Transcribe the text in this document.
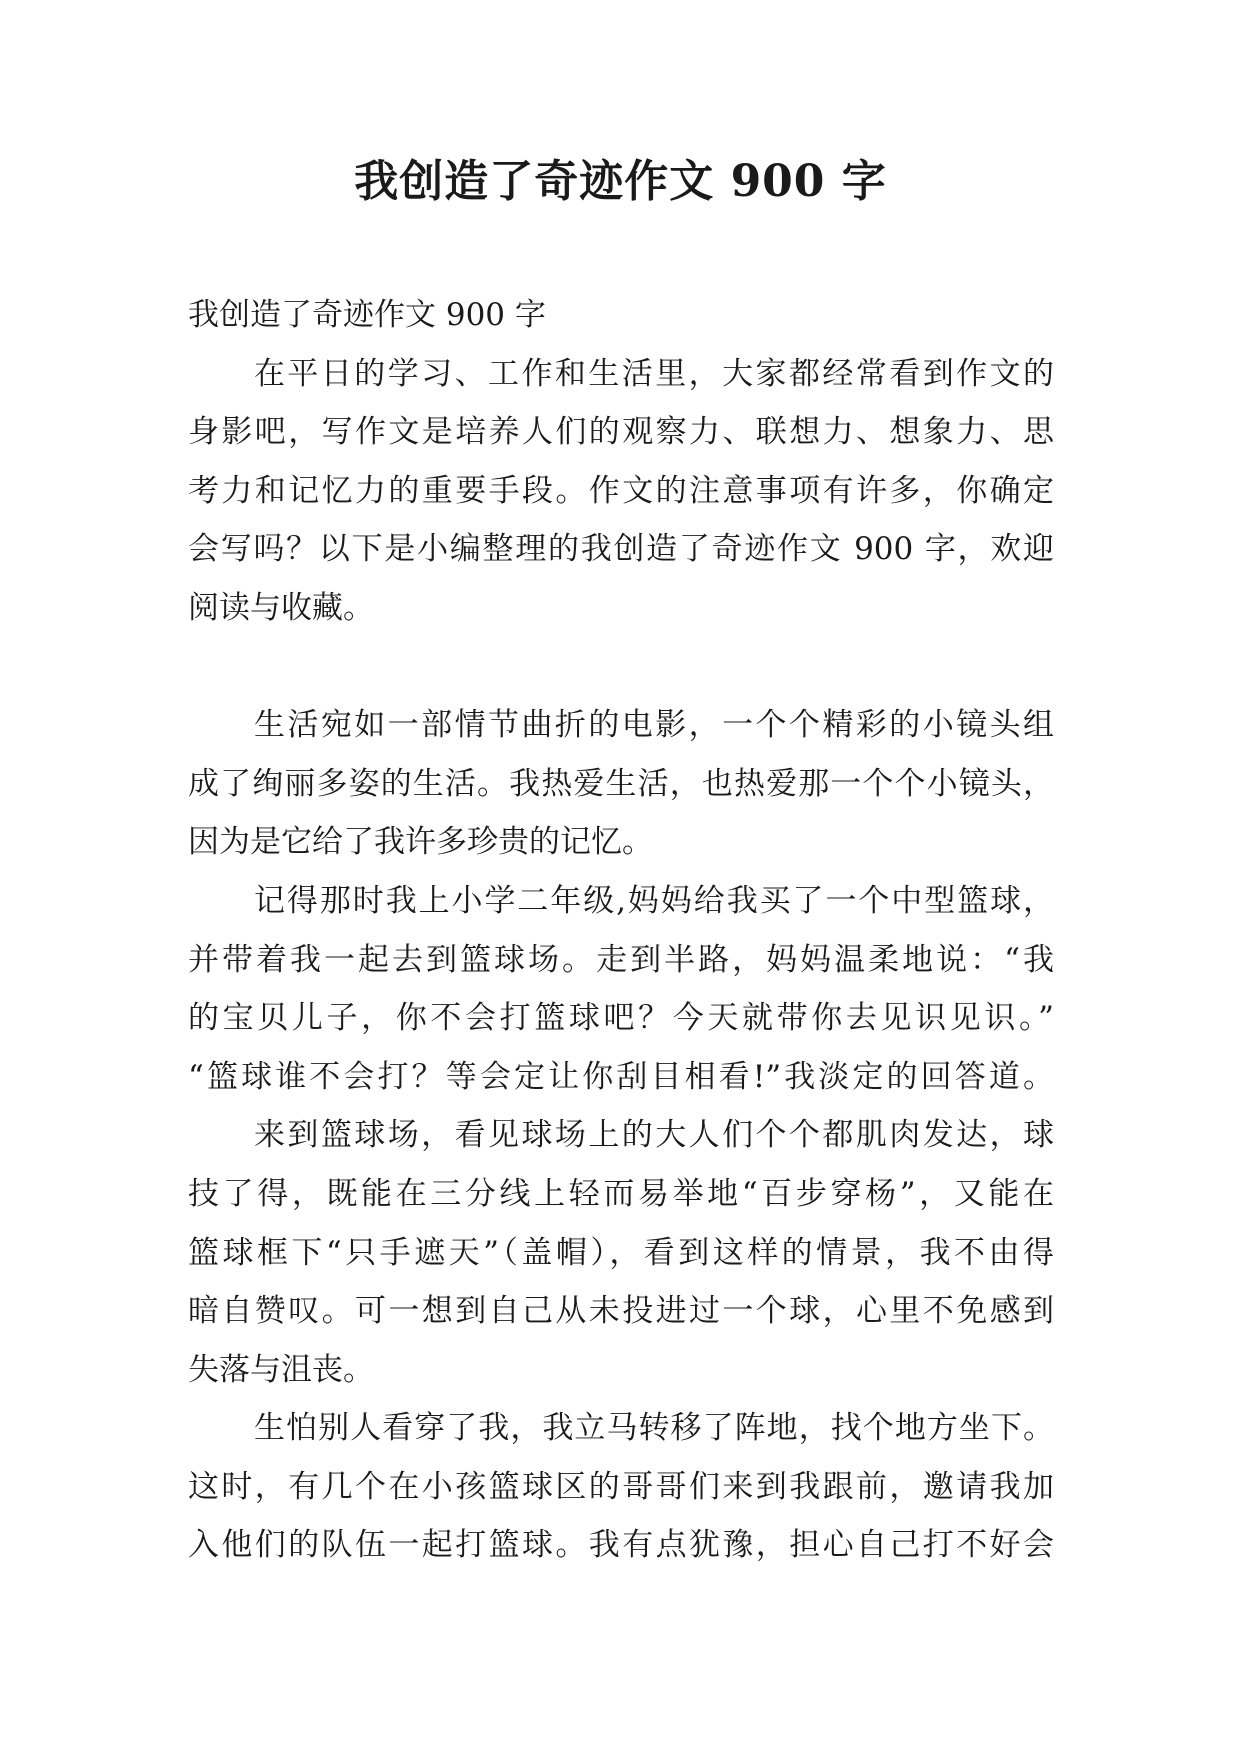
我创造了奇迹作文 900 字
我创造了奇迹作文 900 字
在平日的学习、工作和生活里，大家都经常看到作文的
身影吧，写作文是培养人们的观察力、联想力、想象力、思
考力和记忆力的重要手段。作文的注意事项有许多，你确定
会写吗？以下是小编整理的我创造了奇迹作文 900 字，欢迎
阅读与收藏。
生活宛如一部情节曲折的电影，一个个精彩的小镜头组
成了绚丽多姿的生活。我热爱生活，也热爱那一个个小镜头，
因为是它给了我许多珍贵的记忆。
记得那时我上小学二年级,妈妈给我买了一个中型篮球，
并带着我一起去到篮球场。走到半路，妈妈温柔地说：“我
的宝贝儿子，你不会打篮球吧？今天就带你去见识见识。”
“篮球谁不会打？等会定让你刮目相看!”我淡定的回答道。
来到篮球场，看见球场上的大人们个个都肌肉发达，球
技了得，既能在三分线上轻而易举地“百步穿杨”，又能在
篮球框下“只手遮天”（盖帽），看到这样的情景，我不由得
暗自赞叹。可一想到自己从未投进过一个球，心里不免感到
失落与沮丧。
生怕别人看穿了我，我立马转移了阵地，找个地方坐下。
这时，有几个在小孩篮球区的哥哥们来到我跟前，邀请我加
入他们的队伍一起打篮球。我有点犹豫，担心自己打不好会
